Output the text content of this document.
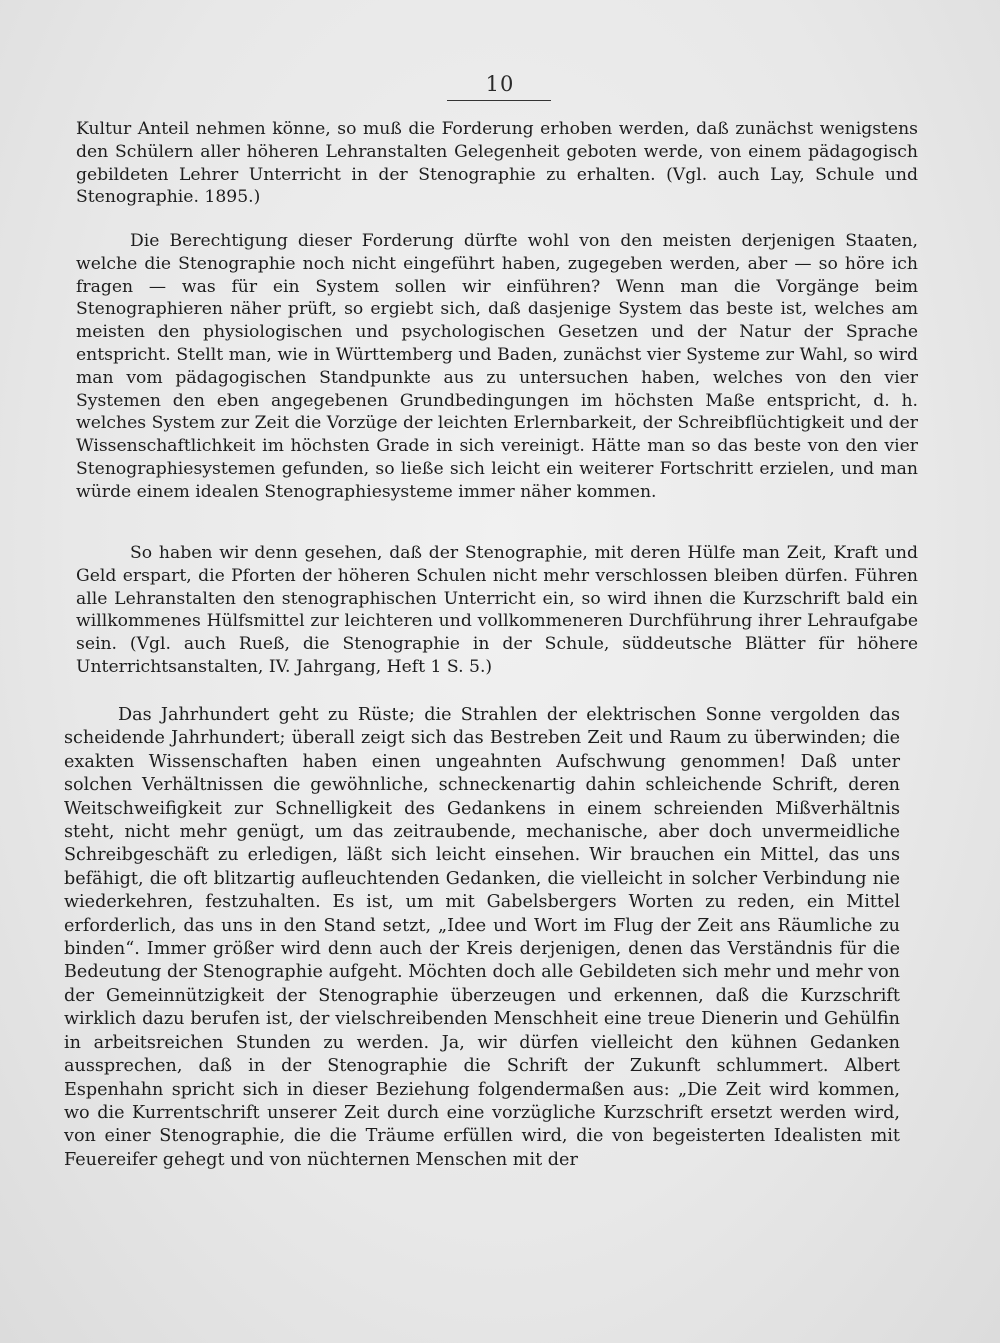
10

Kultur Anteil nehmen könne, so muß die Forderung erhoben werden, daß zunächst wenigstens den Schülern aller höheren Lehranstalten Gelegenheit geboten werde, von einem pädagogisch gebildeten Lehrer Unterricht in der Stenographie zu erhalten. (Vgl. auch Lay, Schule und Stenographie. 1895.)

Die Berechtigung dieser Forderung dürfte wohl von den meisten derjenigen Staaten, welche die Stenographie noch nicht eingeführt haben, zugegeben werden, aber — so höre ich fragen — was für ein System sollen wir einführen? Wenn man die Vorgänge beim Stenographieren näher prüft, so ergiebt sich, daß dasjenige System das beste ist, welches am meisten den physiologischen und psychologischen Gesetzen und der Natur der Sprache entspricht. Stellt man, wie in Württemberg und Baden, zunächst vier Systeme zur Wahl, so wird man vom pädagogischen Standpunkte aus zu untersuchen haben, welches von den vier Systemen den eben angegebenen Grundbedingungen im höchsten Maße entspricht, d. h. welches System zur Zeit die Vorzüge der leichten Erlernbarkeit, der Schreibflüchtigkeit und der Wissenschaftlichkeit im höchsten Grade in sich vereinigt. Hätte man so das beste von den vier Stenographiesystemen gefunden, so ließe sich leicht ein weiterer Fortschritt erzielen, und man würde einem idealen Stenographiesysteme immer näher kommen.

So haben wir denn gesehen, daß der Stenographie, mit deren Hülfe man Zeit, Kraft und Geld erspart, die Pforten der höheren Schulen nicht mehr verschlossen bleiben dürfen. Führen alle Lehranstalten den stenographischen Unterricht ein, so wird ihnen die Kurzschrift bald ein willkommenes Hülfsmittel zur leichteren und vollkommeneren Durchführung ihrer Lehraufgabe sein. (Vgl. auch Rueß, die Stenographie in der Schule, süddeutsche Blätter für höhere Unterrichtsanstalten, IV. Jahrgang, Heft 1 S. 5.)

Das Jahrhundert geht zu Rüste; die Strahlen der elektrischen Sonne vergolden das scheidende Jahrhundert; überall zeigt sich das Bestreben Zeit und Raum zu überwinden; die exakten Wissenschaften haben einen ungeahnten Aufschwung genommen! Daß unter solchen Verhältnissen die gewöhnliche, schneckenartig dahin schleichende Schrift, deren Weitschweifigkeit zur Schnelligkeit des Gedankens in einem schreienden Mißverhältnis steht, nicht mehr genügt, um das zeitraubende, mechanische, aber doch unvermeidliche Schreibgeschäft zu erledigen, läßt sich leicht einsehen. Wir brauchen ein Mittel, das uns befähigt, die oft blitzartig aufleuchtenden Gedanken, die vielleicht in solcher Verbindung nie wiederkehren, festzuhalten. Es ist, um mit Gabelsbergers Worten zu reden, ein Mittel erforderlich, das uns in den Stand setzt, „Idee und Wort im Flug der Zeit ans Räumliche zu binden“. Immer größer wird denn auch der Kreis derjenigen, denen das Verständnis für die Bedeutung der Stenographie aufgeht. Möchten doch alle Gebildeten sich mehr und mehr von der Gemeinnützigkeit der Stenographie überzeugen und erkennen, daß die Kurzschrift wirklich dazu berufen ist, der vielschreibenden Menschheit eine treue Dienerin und Gehülfin in arbeitsreichen Stunden zu werden. Ja, wir dürfen vielleicht den kühnen Gedanken aussprechen, daß in der Stenographie die Schrift der Zukunft schlummert. Albert Espenhahn spricht sich in dieser Beziehung folgendermaßen aus: „Die Zeit wird kommen, wo die Kurrentschrift unserer Zeit durch eine vorzügliche Kurzschrift ersetzt werden wird, von einer Stenographie, die die Träume erfüllen wird, die von begeisterten Idealisten mit Feuereifer gehegt und von nüchternen Menschen mit der
